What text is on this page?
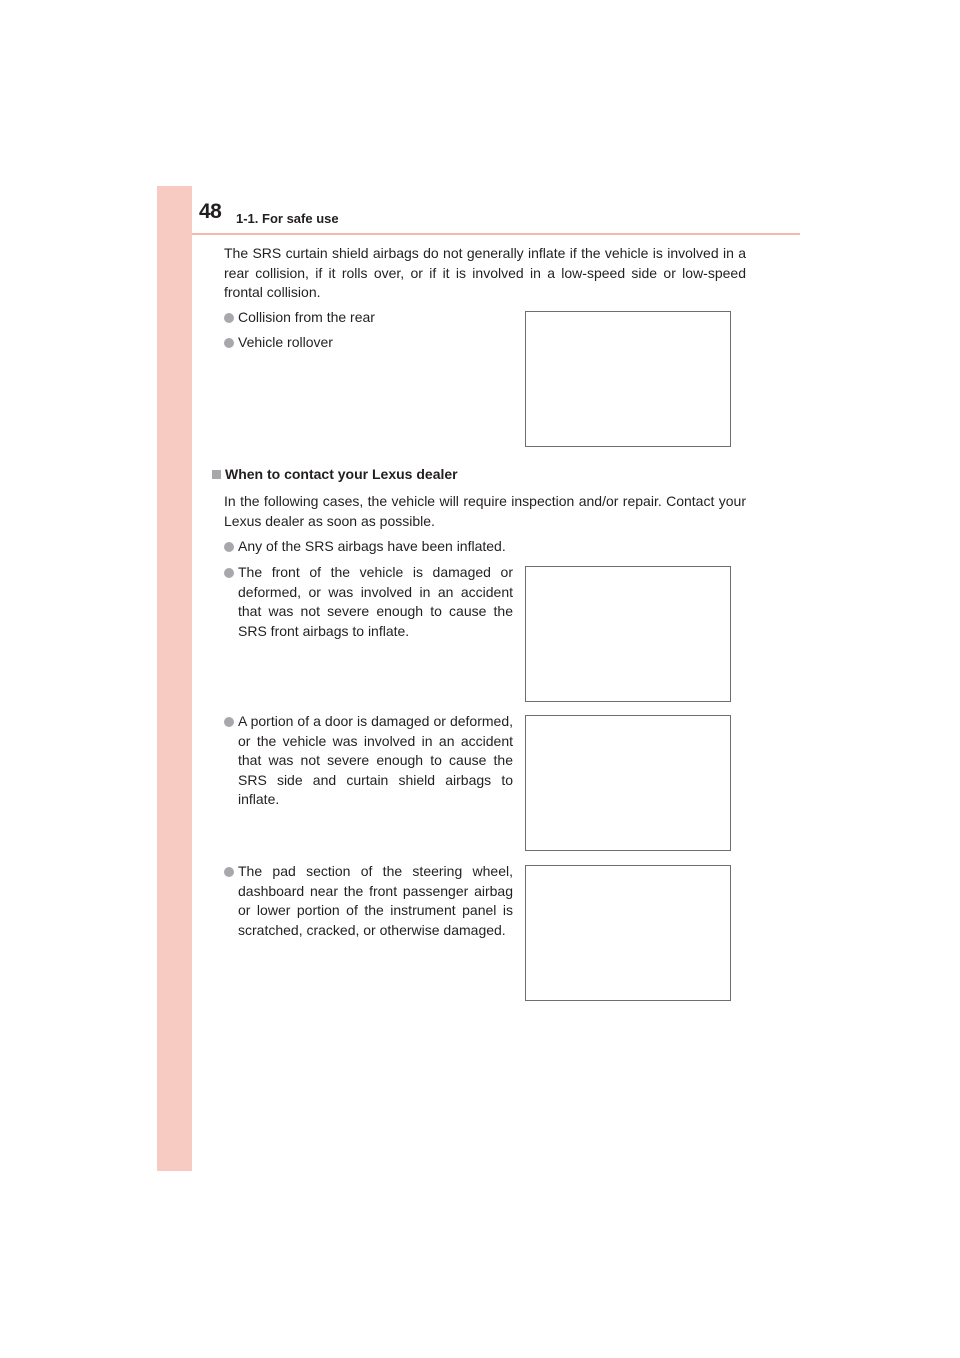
48 1-1. For safe use
The SRS curtain shield airbags do not generally inflate if the vehicle is involved in a rear collision, if it rolls over, or if it is involved in a low-speed side or low-speed frontal collision.
Collision from the rear
Vehicle rollover
When to contact your Lexus dealer
In the following cases, the vehicle will require inspection and/or repair. Contact your Lexus dealer as soon as possible.
Any of the SRS airbags have been inflated.
The front of the vehicle is damaged or deformed, or was involved in an accident that was not severe enough to cause the SRS front airbags to inflate.
A portion of a door is damaged or deformed, or the vehicle was involved in an accident that was not severe enough to cause the SRS side and curtain shield airbags to inflate.
The pad section of the steering wheel, dashboard near the front passenger airbag or lower portion of the instrument panel is scratched, cracked, or otherwise damaged.
